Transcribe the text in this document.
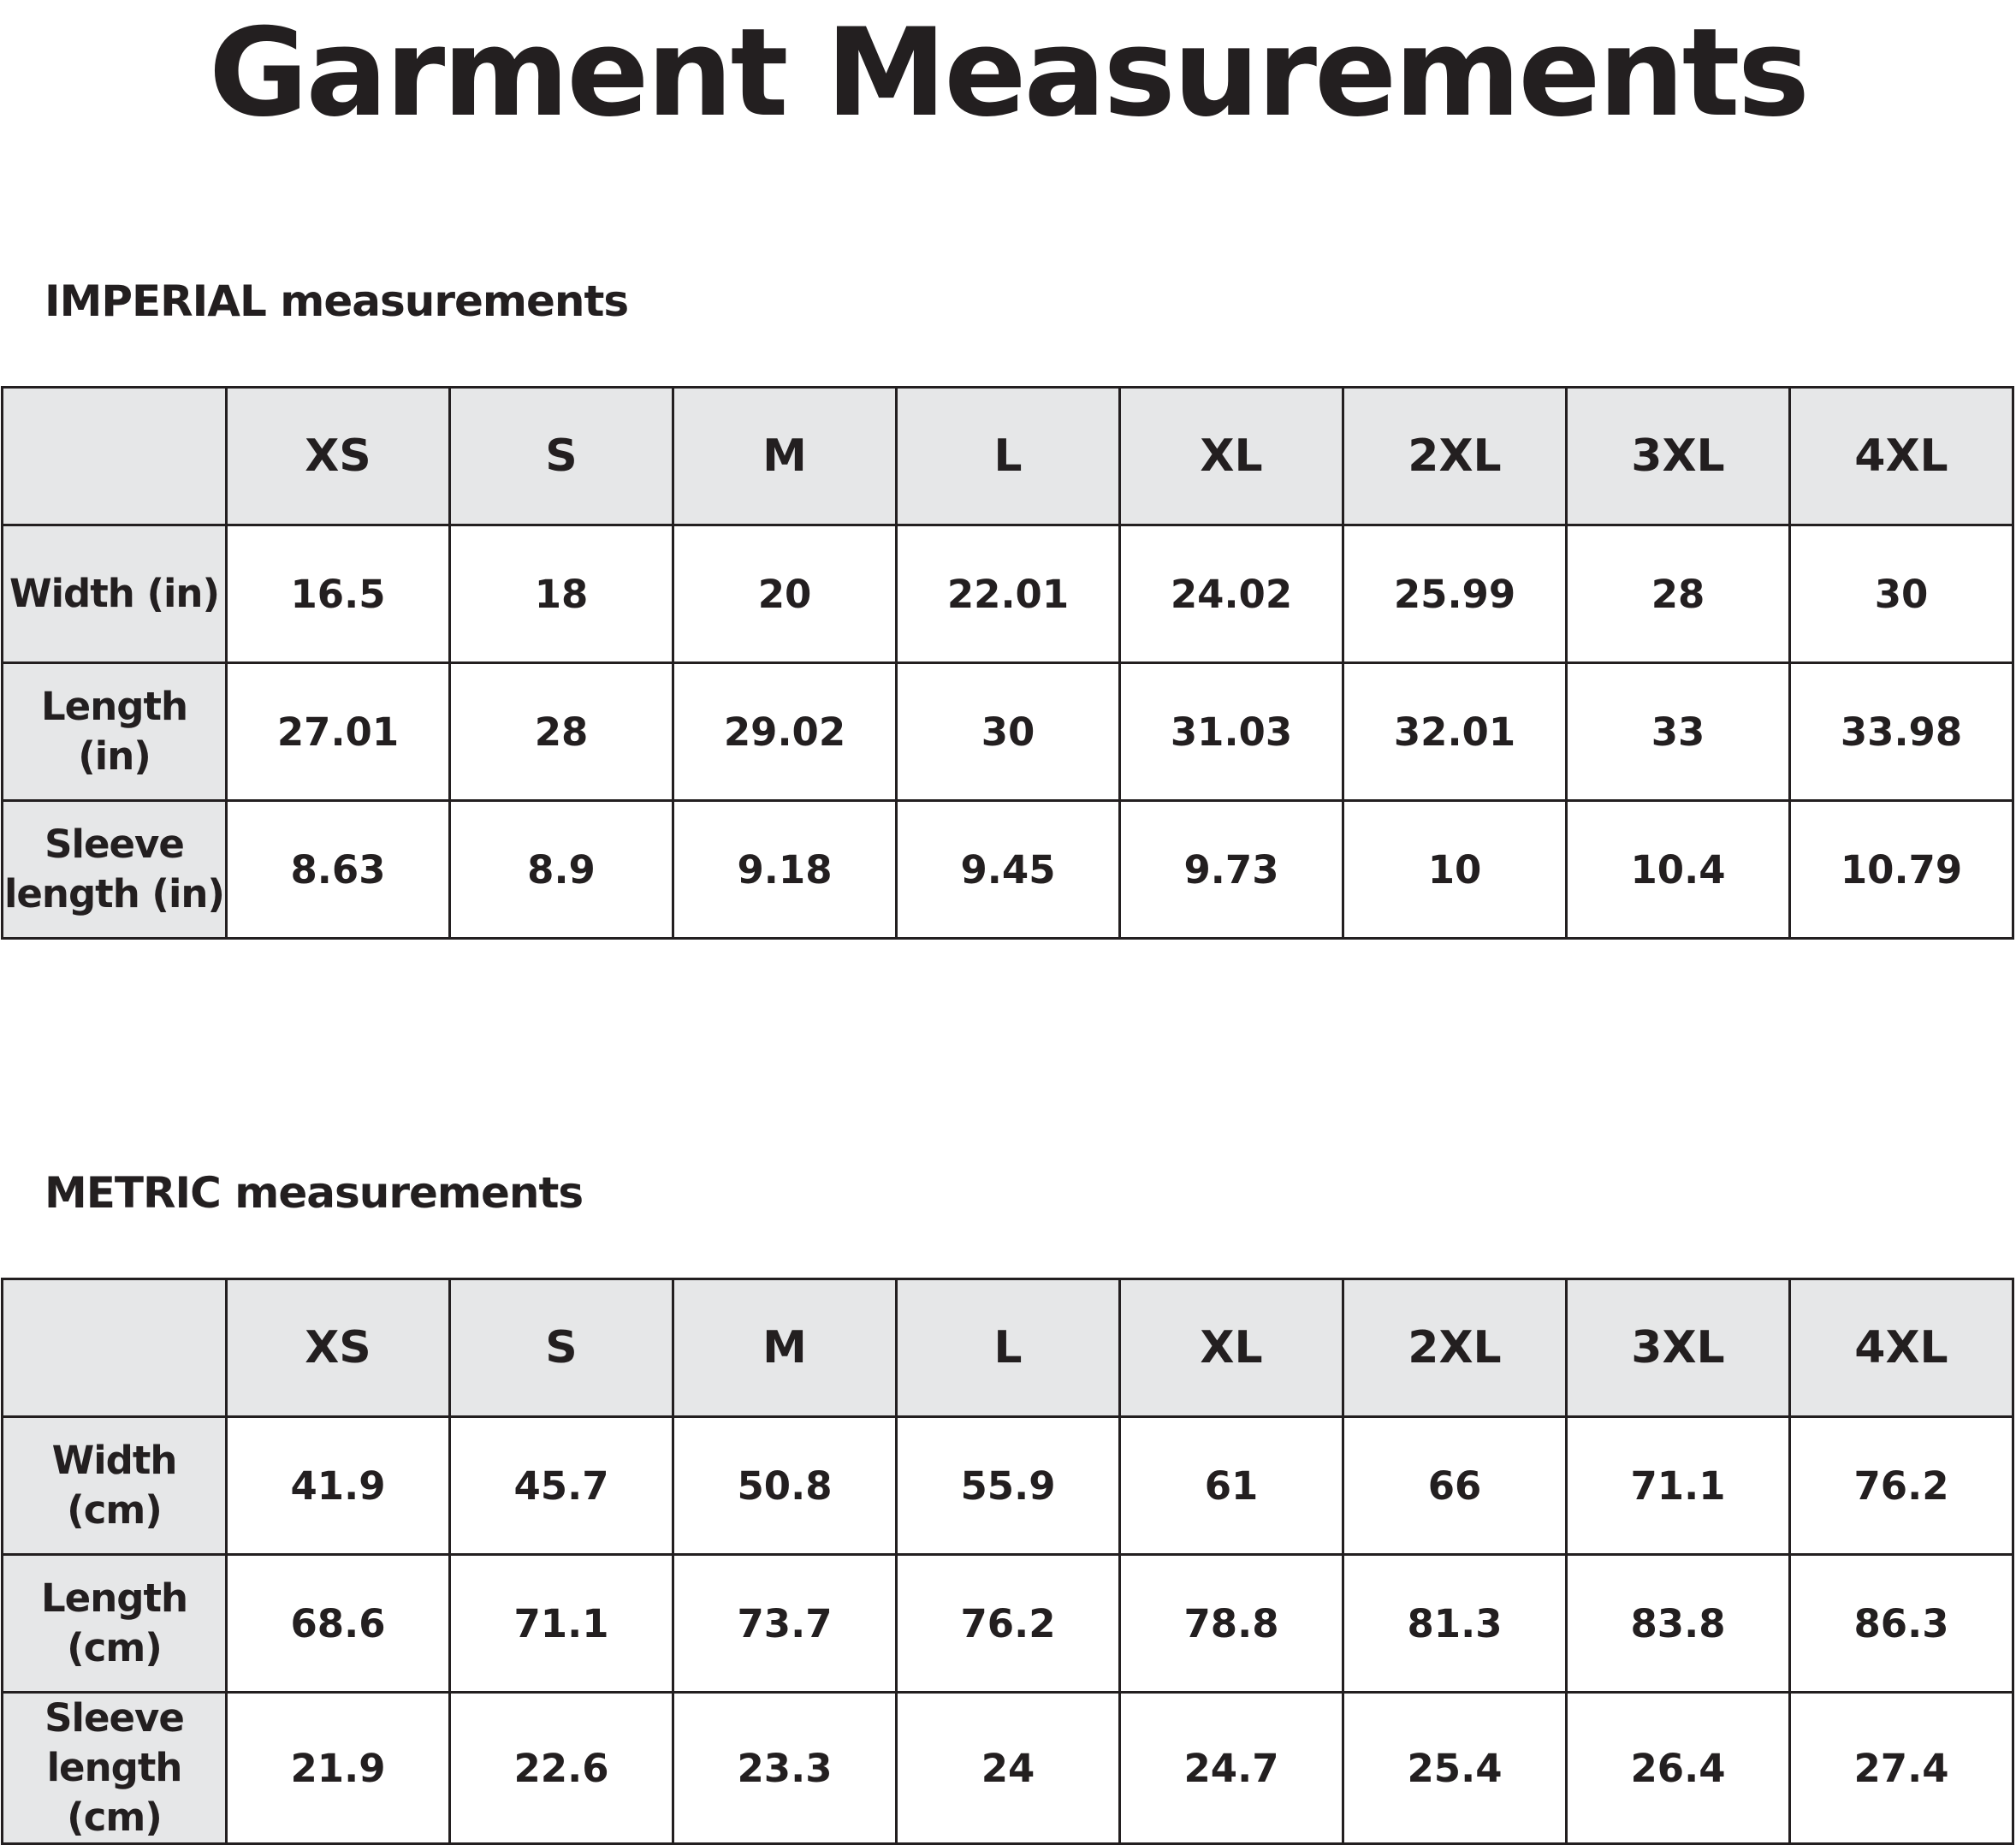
Garment Measurements
IMPERIAL measurements
	XS	S	M	L	XL	2XL	3XL	4XL
Width (in)	16.5	18	20	22.01	24.02	25.99	28	30
Length (in)	27.01	28	29.02	30	31.03	32.01	33	33.98

Sleeve
length (in)	8.63	8.9	9.18	9.45	9.73	10	10.4	10.79
METRIC measurements
	XS	S	M	L	XL	2XL	3XL	4XL
Width (cm)	41.9	45.7	50.8	55.9	61	66	71.1	76.2
Length (cm)	68.6	71.1	73.7	76.2	78.8	81.3	83.8	86.3

Sleeve
length (cm)	21.9	22.6	23.3	24	24.7	25.4	26.4	27.4
